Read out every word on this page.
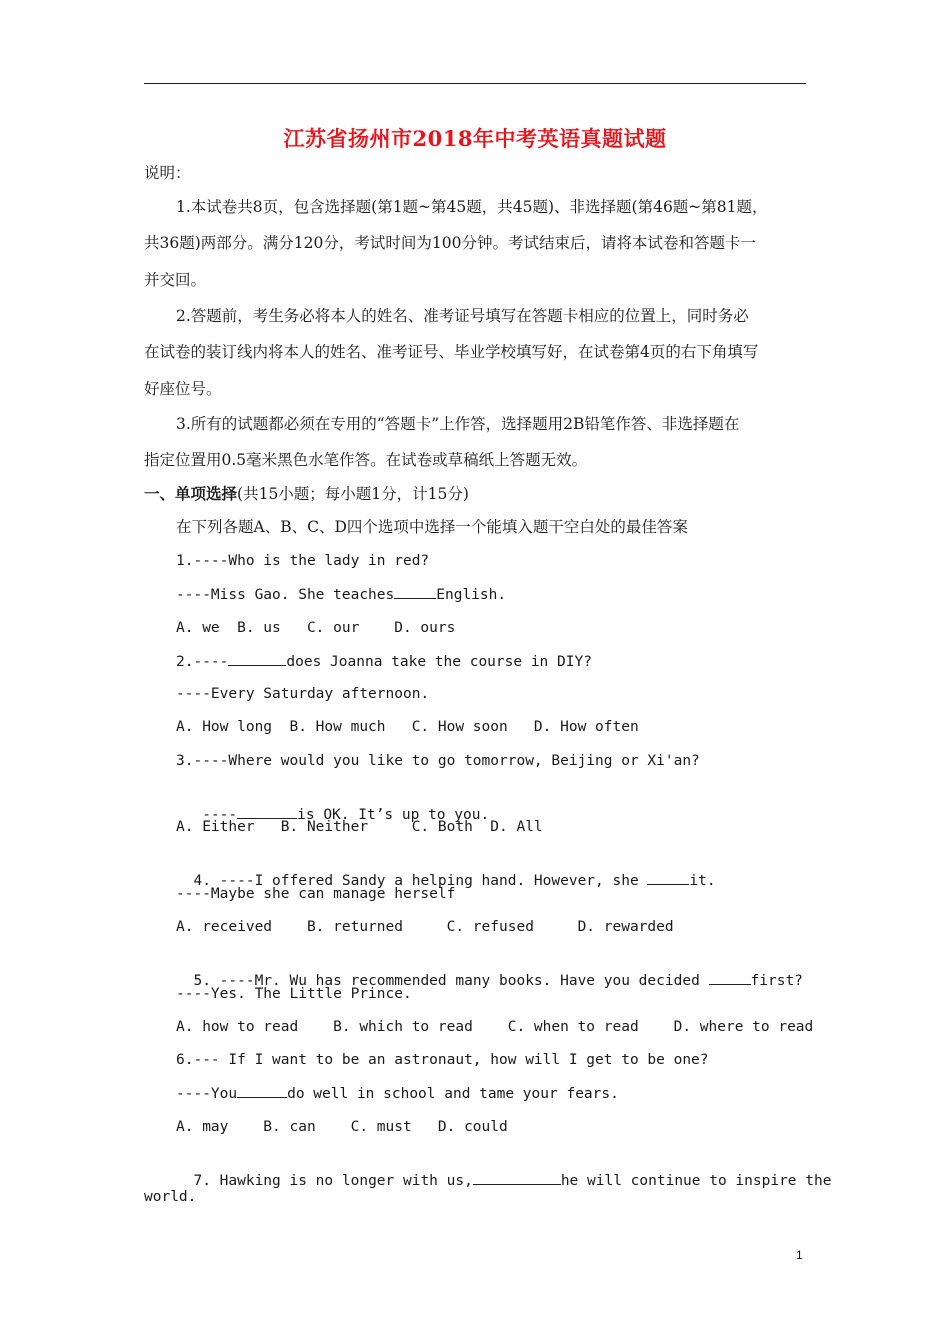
江苏省扬州市2018年中考英语真题试题
说明：
1.本试卷共8页，包含选择题(第1题~第45题，共45题)、非选择题(第46题~第81题，
共36题)两部分。满分120分，考试时间为100分钟。考试结束后，请将本试卷和答题卡一
并交回。
2.答题前，考生务必将本人的姓名、准考证号填写在答题卡相应的位置上，同时务必
在试卷的装订线内将本人的姓名、准考证号、毕业学校填写好，在试卷第4页的右下角填写
好座位号。
3.所有的试题都必须在专用的“答题卡”上作答，选择题用2B铅笔作答、非选择题在
指定位置用0.5毫米黑色水笔作答。在试卷或草稿纸上答题无效。
一、单项选择(共15小题；每小题1分，计15分)
在下列各题A、B、C、D四个选项中选择一个能填入题干空白处的最佳答案
1.----Who is the lady in red?
----Miss Gao. She teaches	English.
A. we  B. us   C. our    D. ours
2.----	does Joanna take the course in DIY?
----Every Saturday afternoon.
A. How long  B. How much   C. How soon   D. How often
3.----Where would you like to go tomorrow, Beijing or Xi'an?

----	is OK. It’s up to you.

A. Either   B. Neither     C. Both  D. All

4. ----I offered Sandy a helping hand. However, she	it.

----Maybe she can manage herself
A. received    B. returned     C. refused     D. rewarded

5. ----Mr. Wu has recommended many books. Have you decided	first?

----Yes. The Little Prince.
A. how to read    B. which to read    C. when to read    D. where to read
6.--- If I want to be an astronaut, how will I get to be one?
----You	do well in school and tame your fears.
A. may    B. can    C. must   D. could

7. Hawking is no longer with us,	he will continue to inspire the

world.
1
